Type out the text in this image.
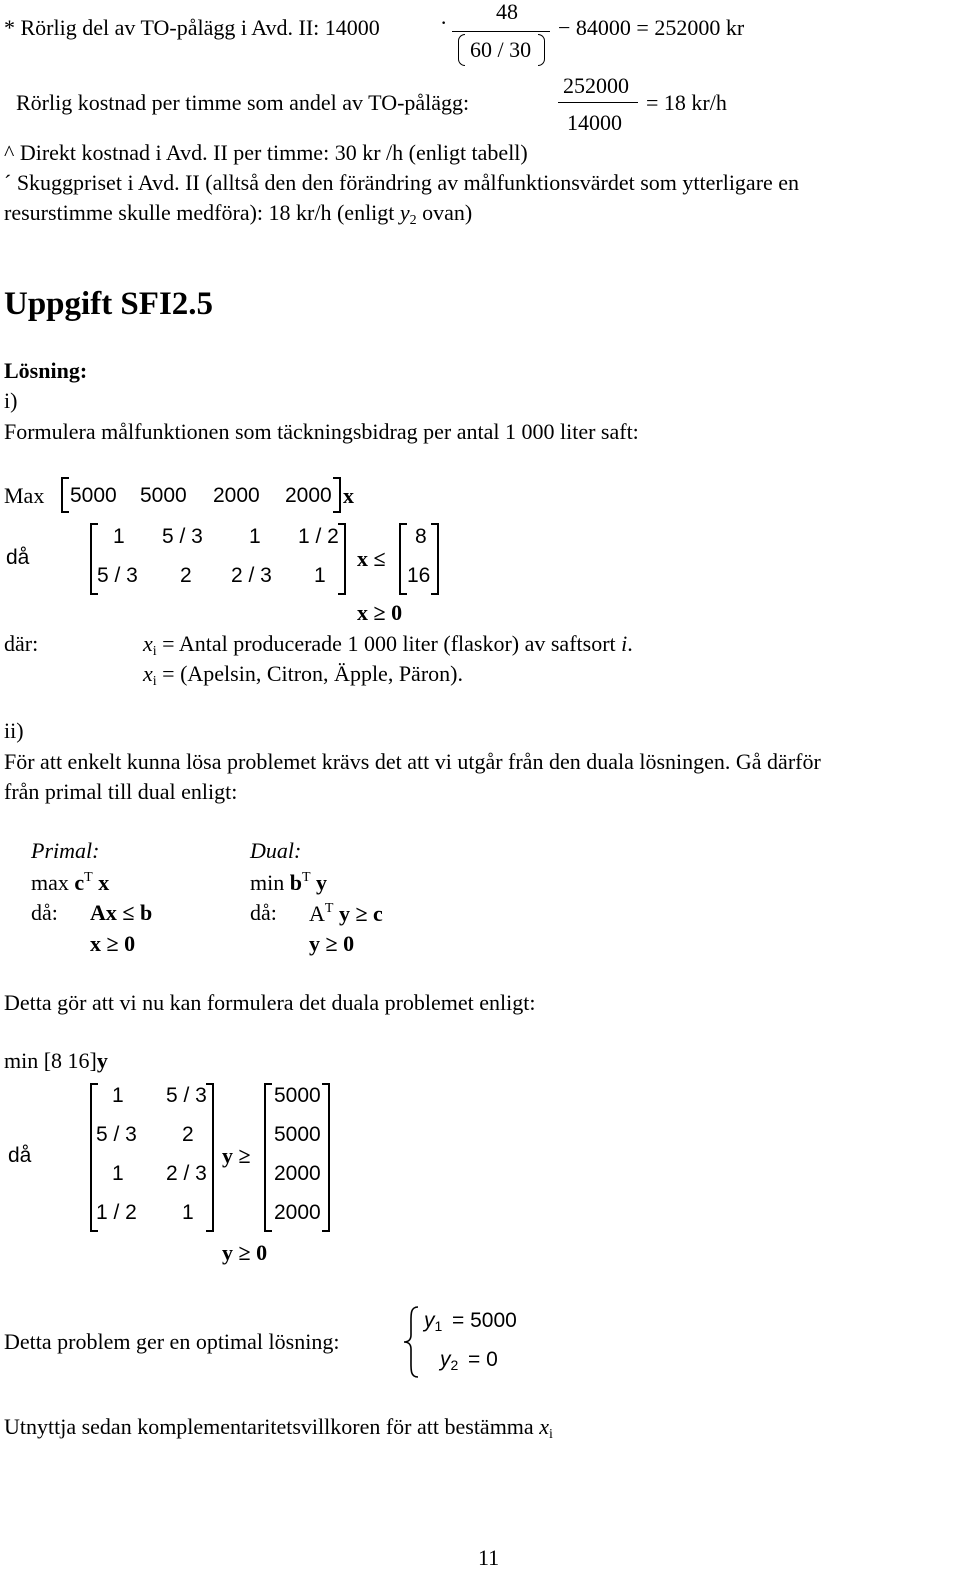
* Rörlig del av TO-pålägg i Avd. II: 14000	· 48
60 / 30
− 84000 = 252000 kr
Rörlig kostnad per timme som andel av TO-pålägg:
252000
14000
= 18 kr/h
^ Direkt kostnad i Avd. II per timme: 30 kr /h (enligt tabell)
´ Skuggpriset i Avd. II (alltså den den förändring av målfunktionsvärdet som ytterligare en
resurstimme skulle medföra): 18 kr/h (enligt $y_2$ ovan)
Uppgift SFI2.5
Lösning:
i)
Formulera målfunktionen som täckningsbidrag per antal 1 000 liter saft:
Max 5000 5000 2000 2000 x
då
1 5 / 3 1 1 / 2
5 / 3 2 2 / 3 1
x ≤
8
16
x ≥ 0
där:	$x_i$ = Antal producerade 1 000 liter (flaskor) av saftsort i.
$x_i$ = (Apelsin, Citron, Äpple, Päron).
ii)
För att enkelt kunna lösa problemet krävs det att vi utgår från den duala lösningen. Gå därför
från primal till dual enligt:
Primal:	Dual:
$\max c^T$ x	$\min b^T$ y
då: Ax ≤ b	då: $A^T$ y ≥ c
x ≥ 0	y ≥ 0
Detta gör att vi nu kan formulera det duala problemet enligt:
min [8 16]y
då
1 5 / 3
5 / 3 2
1 2 / 3
1 / 2 1
y ≥
5000
5000
2000
2000
y ≥ 0
Detta problem ger en optimal lösning:
$y_1 = 5000$
$y_2 = 0$
Utnyttja sedan komplementaritetsvillkoren för att bestämma $x_i$
11
